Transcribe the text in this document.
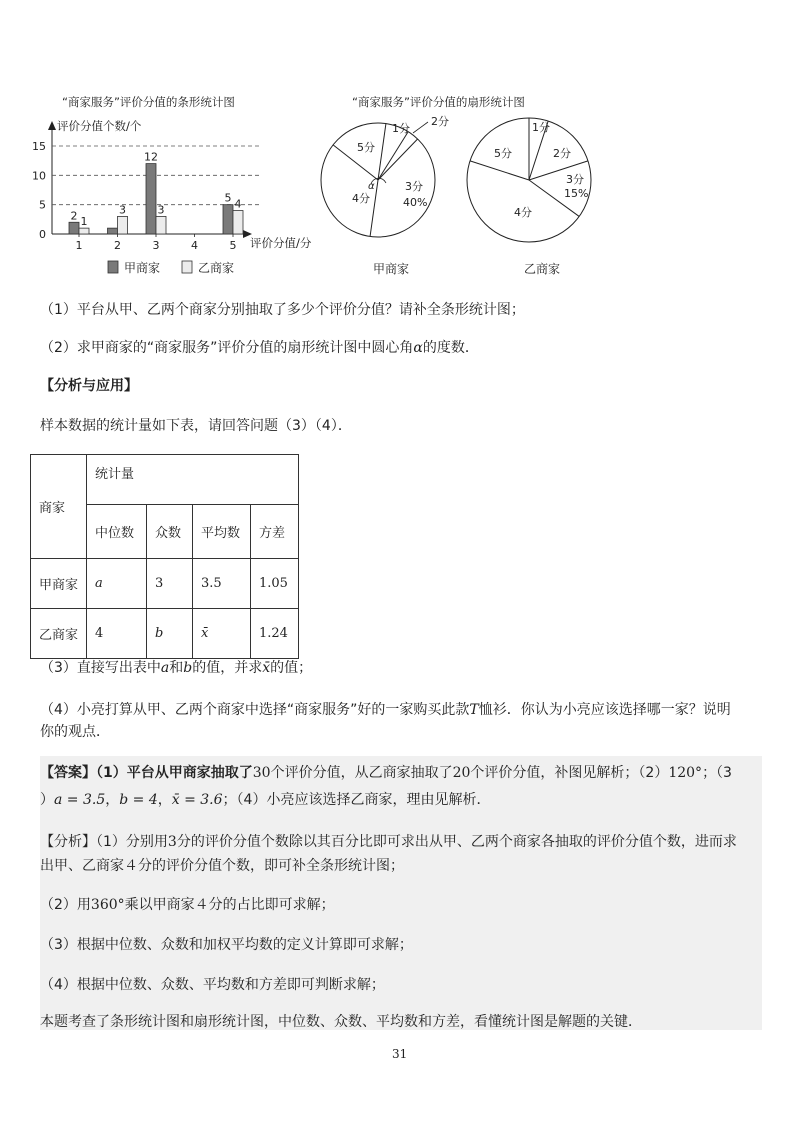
“商家服务”评价分值的条形统计图
评价分值个数/个
评价分值/分
0
5
10
15
1	2	3	4	5
2
12
5
1
3	3	4
甲商家	乙商家
“商家服务”评价分值的扇形统计图
1分
2分
5分
3分
40%
4分
α
甲商家
1分
2分
5分
3分
15%
4分
乙商家
（1）平台从甲、乙两个商家分别抽取了多少个评价分值？请补全条形统计图；
（2）求甲商家的“商家服务”评价分值的扇形统计图中圆心角α的度数．
【分析与应用】
样本数据的统计量如下表，请回答问题（3）（4）．
商家	统计量			
	中位数	众数	平均数	方差
甲商家	a	3	3.5	1.05
乙商家	4	b	x̄	1.24
（3）直接写出表中a和b的值，并求x̄的值；
（4）小亮打算从甲、乙两个商家中选择“商家服务”好的一家购买此款T恤衫．你认为小亮应该选择哪一家？说明
你的观点．
【答案】（1）平台从甲商家抽取了30个评价分值，从乙商家抽取了20个评价分值，补图见解析；（2）120°；（3
）a = 3.5，b = 4，x̄ = 3.6；（4）小亮应该选择乙商家，理由见解析．
【分析】（1）分别用3分的评价分值个数除以其百分比即可求出从甲、乙两个商家各抽取的评价分值个数，进而求
出甲、乙商家４分的评价分值个数，即可补全条形统计图；
（2）用360°乘以甲商家４分的占比即可求解；
（3）根据中位数、众数和加权平均数的定义计算即可求解；
（4）根据中位数、众数、平均数和方差即可判断求解；
本题考查了条形统计图和扇形统计图，中位数、众数、平均数和方差，看懂统计图是解题的关键．
31
